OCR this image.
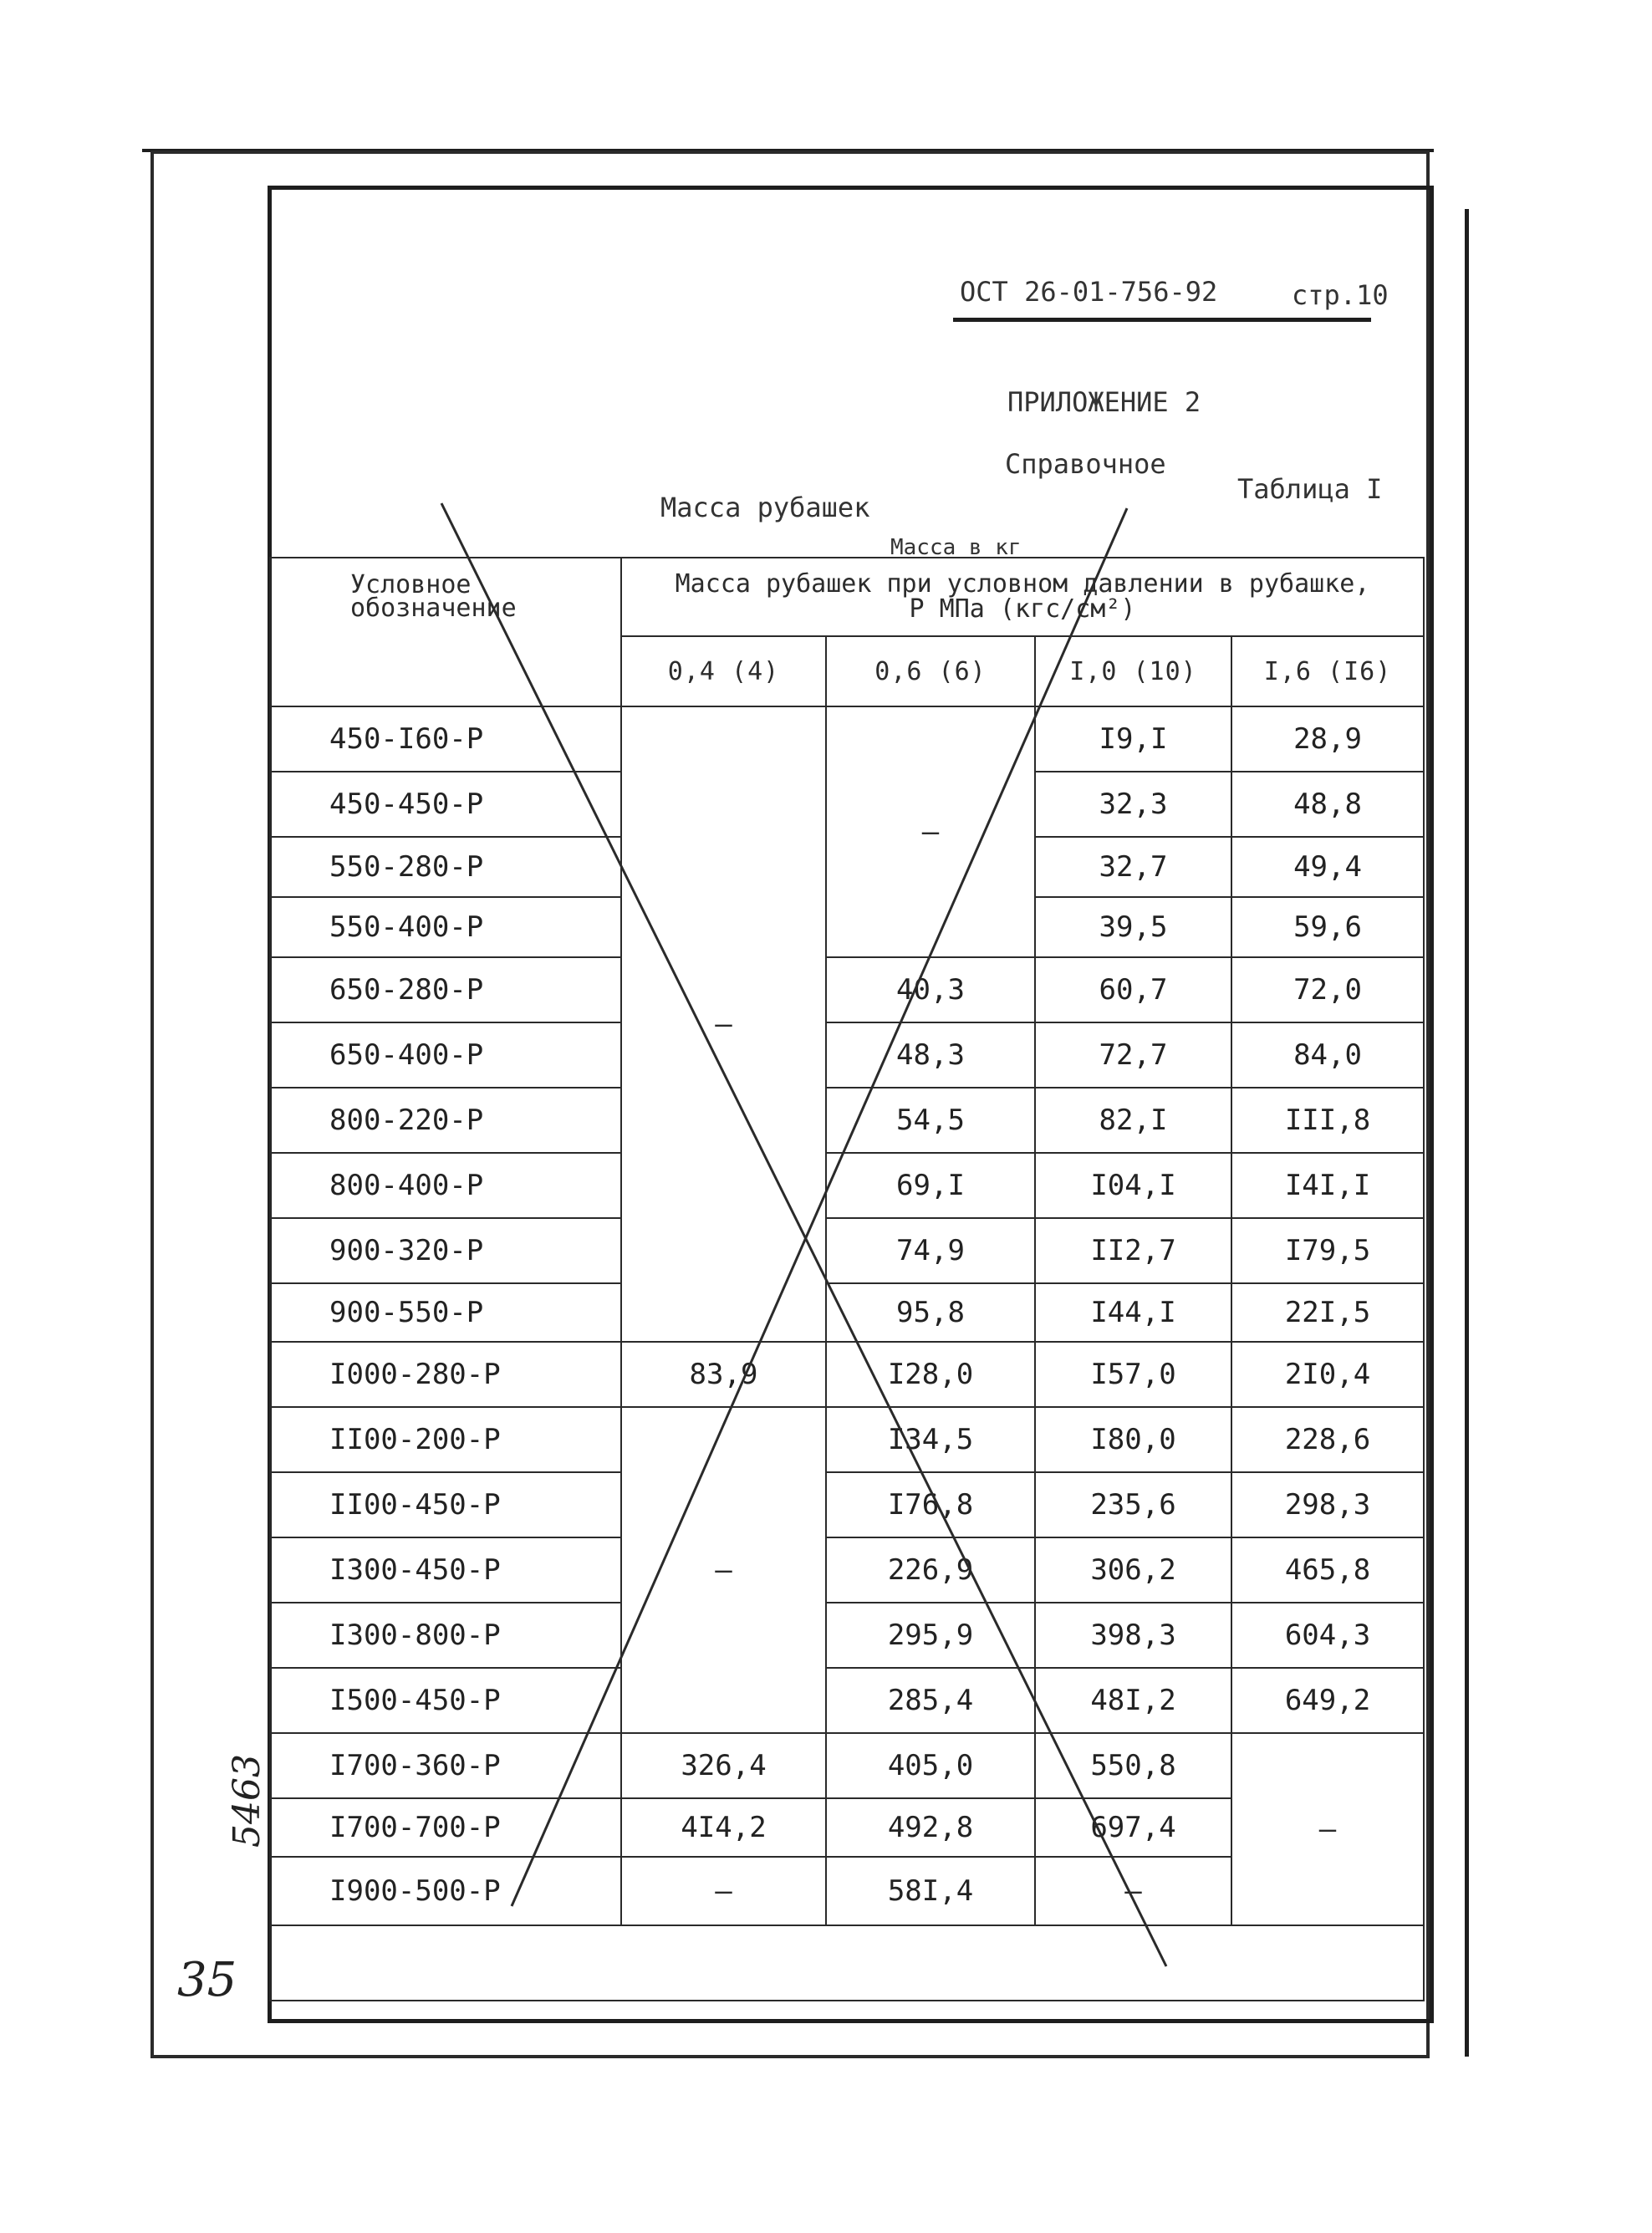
ОСТ 26-01-756-92	стр.10
ПРИЛОЖЕНИЕ 2
Справочное
Таблица I
Масса рубашек
Масса в кг
Условное обозначение	Масса рубашек при условном давлении в рубашке,
Р МПа (кгс/см²)			

	0,4 (4)	0,6 (6)	I,0 (10)	I,6 (I6)
450-I60-Р	—	—	I9,I	28,9
450-450-Р			32,3	48,8
550-280-Р			32,7	49,4
550-400-Р			39,5	59,6
650-280-Р		40,3	60,7	72,0
650-400-Р		48,3	72,7	84,0
800-220-Р		54,5	82,I	III,8
800-400-Р		69,I	I04,I	I4I,I
900-320-Р		74,9	II2,7	I79,5
900-550-Р		95,8	I44,I	22I,5
I000-280-Р	83,9	I28,0	I57,0	2I0,4
II00-200-Р	—	I34,5	I80,0	228,6
II00-450-Р		I76,8	235,6	298,3
I300-450-Р		226,9	306,2	465,8
I300-800-Р		295,9	398,3	604,3
I500-450-Р		285,4	48I,2	649,2
I700-360-Р	326,4	405,0	550,8	—
I700-700-Р	4I4,2	492,8	697,4	
I900-500-Р	—	58I,4	—	

5463
35
